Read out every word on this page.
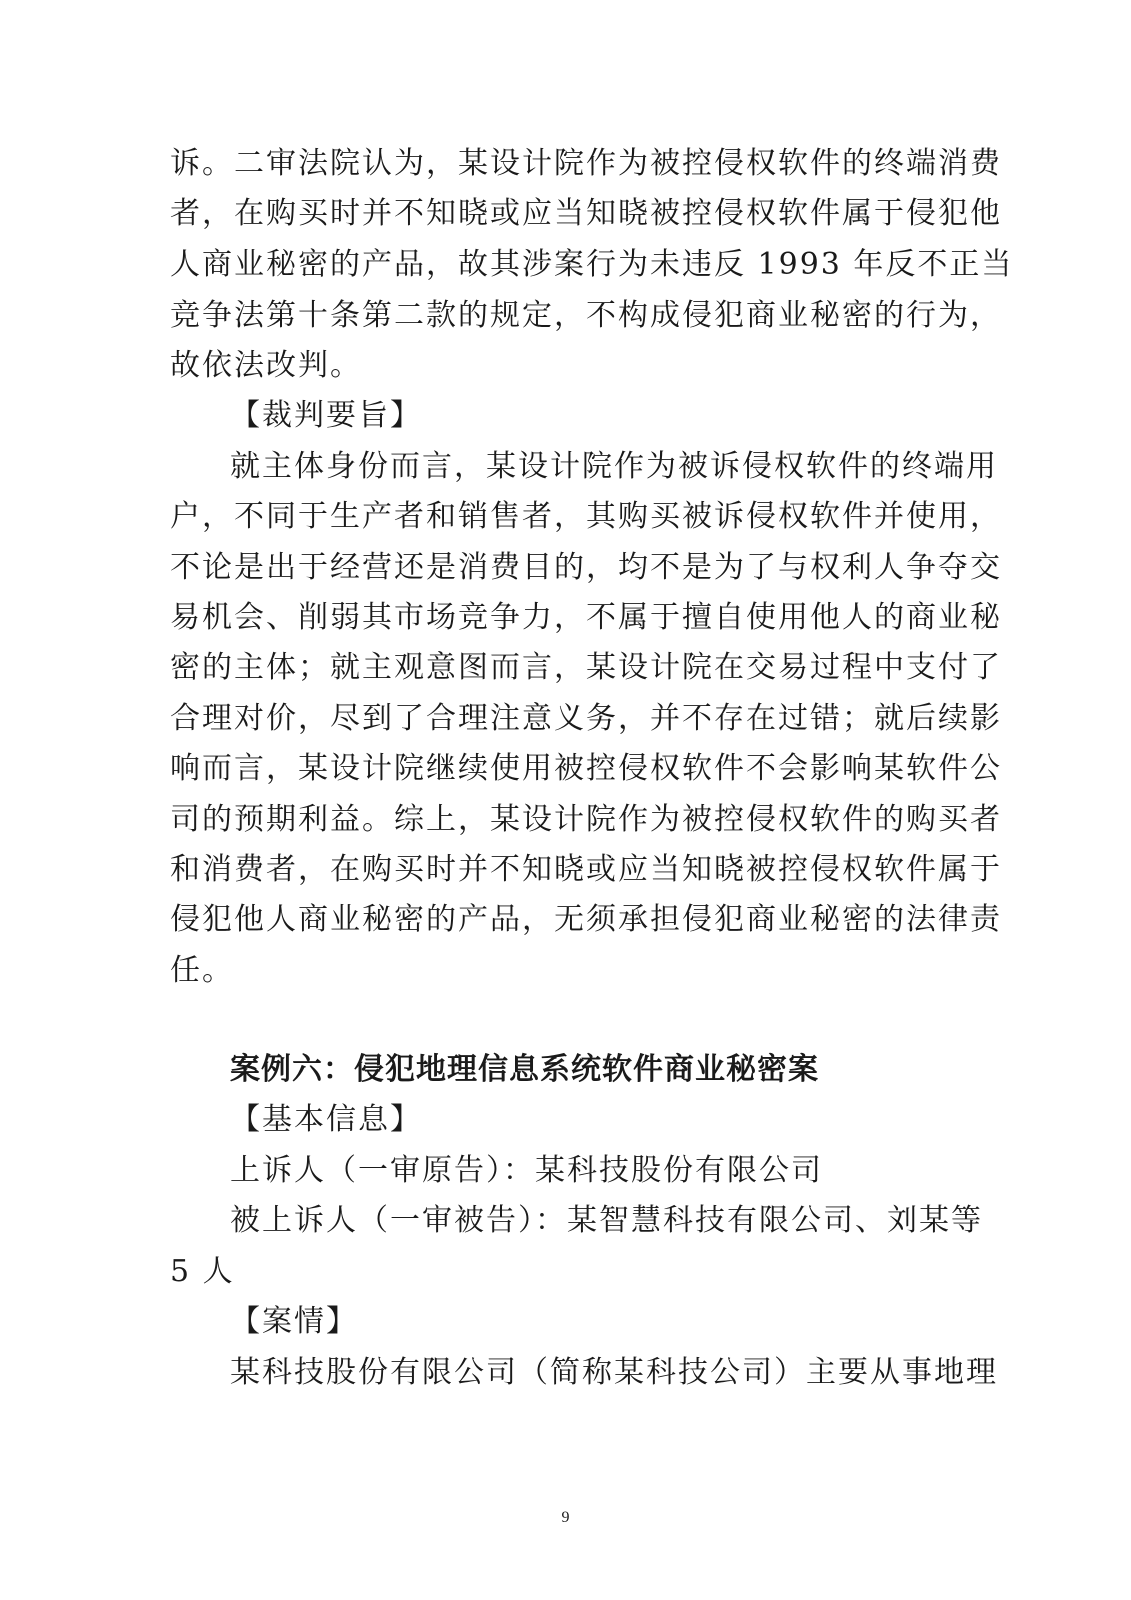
诉。二审法院认为，某设计院作为被控侵权软件的终端消费

者，在购买时并不知晓或应当知晓被控侵权软件属于侵犯他

人商业秘密的产品，故其涉案行为未违反 1993 年反不正当

竞争法第十条第二款的规定，不构成侵犯商业秘密的行为，

故依法改判。

【裁判要旨】

就主体身份而言，某设计院作为被诉侵权软件的终端用

户，不同于生产者和销售者，其购买被诉侵权软件并使用，

不论是出于经营还是消费目的，均不是为了与权利人争夺交

易机会、削弱其市场竞争力，不属于擅自使用他人的商业秘

密的主体；就主观意图而言，某设计院在交易过程中支付了

合理对价，尽到了合理注意义务，并不存在过错；就后续影

响而言，某设计院继续使用被控侵权软件不会影响某软件公

司的预期利益。综上，某设计院作为被控侵权软件的购买者

和消费者，在购买时并不知晓或应当知晓被控侵权软件属于

侵犯他人商业秘密的产品，无须承担侵犯商业秘密的法律责

任。

案例六：侵犯地理信息系统软件商业秘密案

【基本信息】

上诉人（一审原告）：某科技股份有限公司

被上诉人（一审被告）：某智慧科技有限公司、刘某等

5 人

【案情】

某科技股份有限公司（简称某科技公司）主要从事地理

9
